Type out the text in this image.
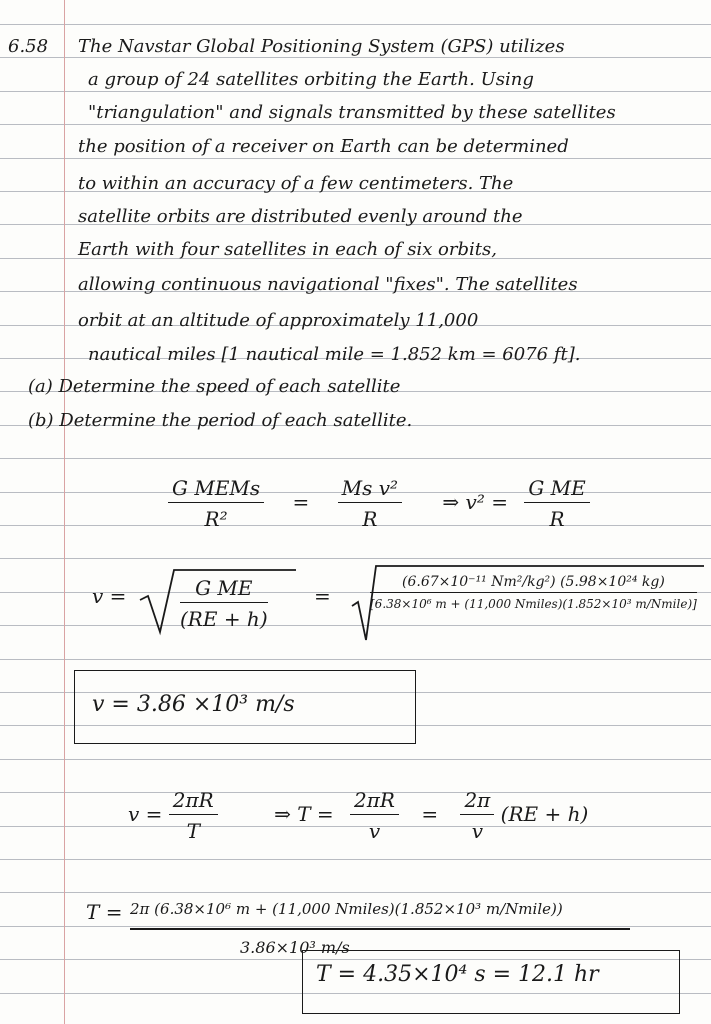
6.58 The Navstar Global Positioning System (GPS) utilizes
a group of 24 satellites orbiting the Earth. Using
"triangulation" and signals transmitted by these satellites
the position of a receiver on Earth can be determined
to within an accuracy of a few centimeters. The
satellite orbits are distributed evenly around the
Earth with four satellites in each of six orbits,
allowing continuous navigational "fixes". The satellites
orbit at an altitude of approximately 11,000
nautical miles [1 nautical mile = 1.852 km = 6076 ft].
(a) Determine the speed of each satellite
(b) Determine the period of each satellite.
$\frac{\text{G MEMs}}{\text{R²}} = \frac{\text{Ms v²}}{R}$ ⇒ $v^2 = \frac{\text{G ME}}{R}$
v =	$\frac{\text{G ME}}{(RE + h)}$ =	$\frac{\text{(6.67×10⁻¹¹ Nm²/kg²) (5.98×10²⁴ kg)}}{\text{[6.38×10⁶ m + (11,000 Nmiles)(1.852×10³ m/Nmile)]}}$
v = 3.86 ×10³ m/s
$v = \frac{2\pi R}{T}$	⇒ $T = \frac{2\pi R}{v} = \frac{2\pi}{v} (RE + h)$
T = 2π (6.38×10⁶ m + (11,000 Nmiles)(1.852×10³ m/Nmile))
3.86×10³ m/s
T = 4.35×10⁴ s = 12.1 hr
